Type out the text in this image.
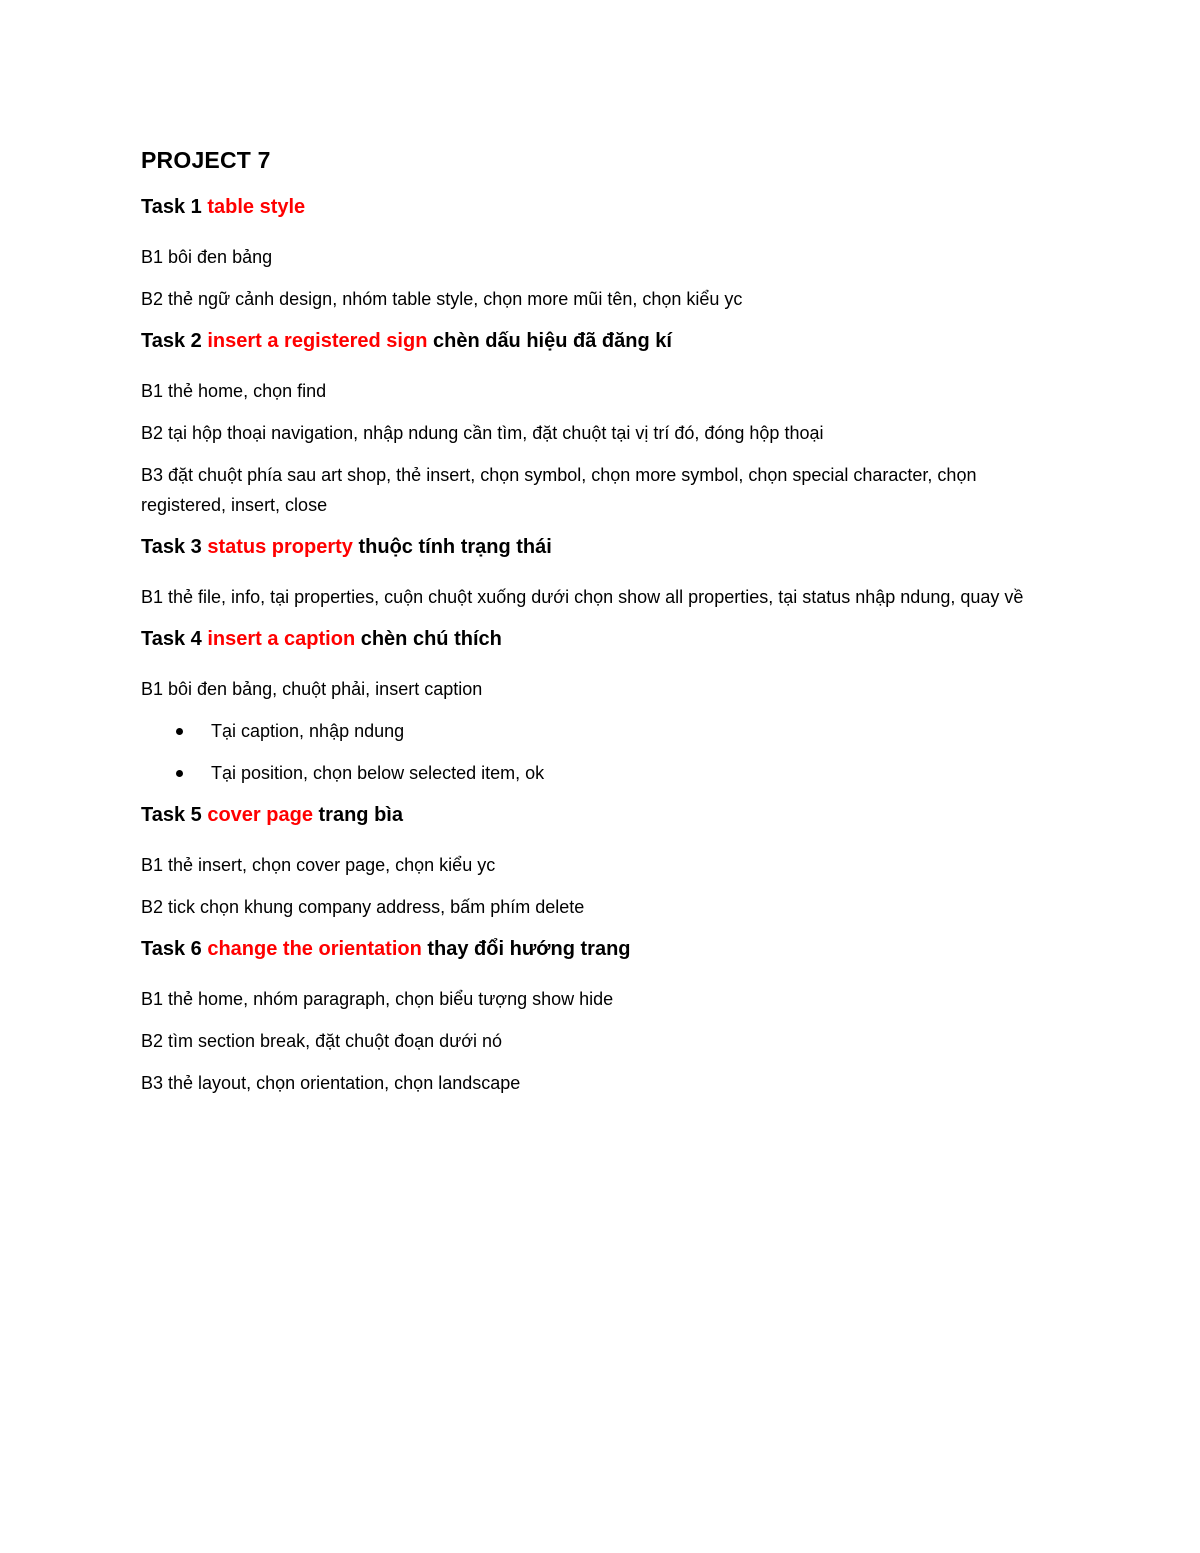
PROJECT 7
Task 1 table style
B1 bôi đen bảng
B2 thẻ ngữ cảnh design, nhóm table style, chọn more mũi tên, chọn kiểu yc
Task 2 insert a registered sign chèn dấu hiệu đã đăng kí
B1 thẻ home, chọn find
B2 tại hộp thoại navigation, nhập ndung cần tìm, đặt chuột tại vị trí đó, đóng hộp thoại
B3 đặt chuột phía sau art shop, thẻ insert, chọn symbol, chọn more symbol, chọn special character, chọn registered, insert, close
Task 3 status property thuộc tính trạng thái
B1 thẻ file, info, tại properties, cuộn chuột xuống dưới chọn show all properties, tại status nhập ndung, quay về
Task 4 insert a caption chèn chú thích
B1 bôi đen bảng, chuột phải, insert caption
Tại caption, nhập ndung
Tại position, chọn below selected item, ok
Task 5 cover page trang bìa
B1 thẻ insert, chọn cover page, chọn kiểu yc
B2 tick chọn khung company address, bấm phím delete
Task 6 change the orientation thay đổi hướng trang
B1 thẻ home, nhóm paragraph, chọn biểu tượng show hide
B2 tìm section break, đặt chuột đoạn dưới nó
B3 thẻ layout, chọn orientation, chọn landscape
